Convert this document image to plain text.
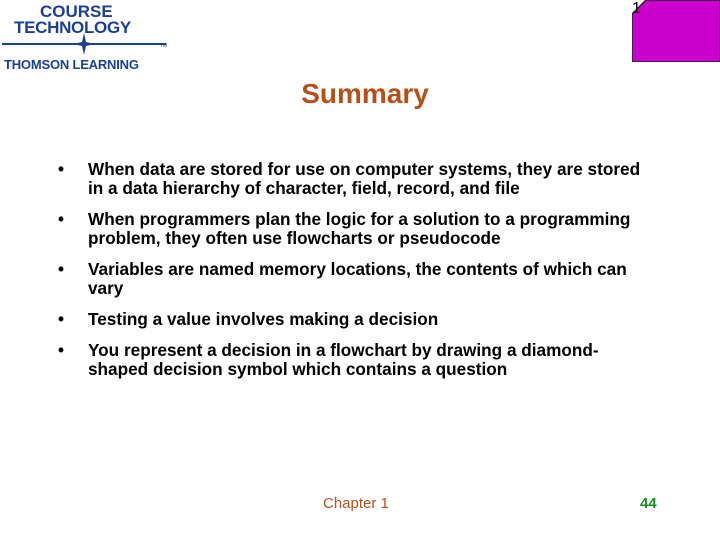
COURSE
TECHNOLOGY
TM
THOMSON LEARNING
1
Summary
• When data are stored for use on computer systems, they are stored in a data hierarchy of character, field, record, and file
• When programmers plan the logic for a solution to a programming problem, they often use flowcharts or pseudocode
• Variables are named memory locations, the contents of which can vary
• Testing a value involves making a decision
• You represent a decision in a flowchart by drawing a diamond-shaped decision symbol which contains a question
Chapter 1	44
